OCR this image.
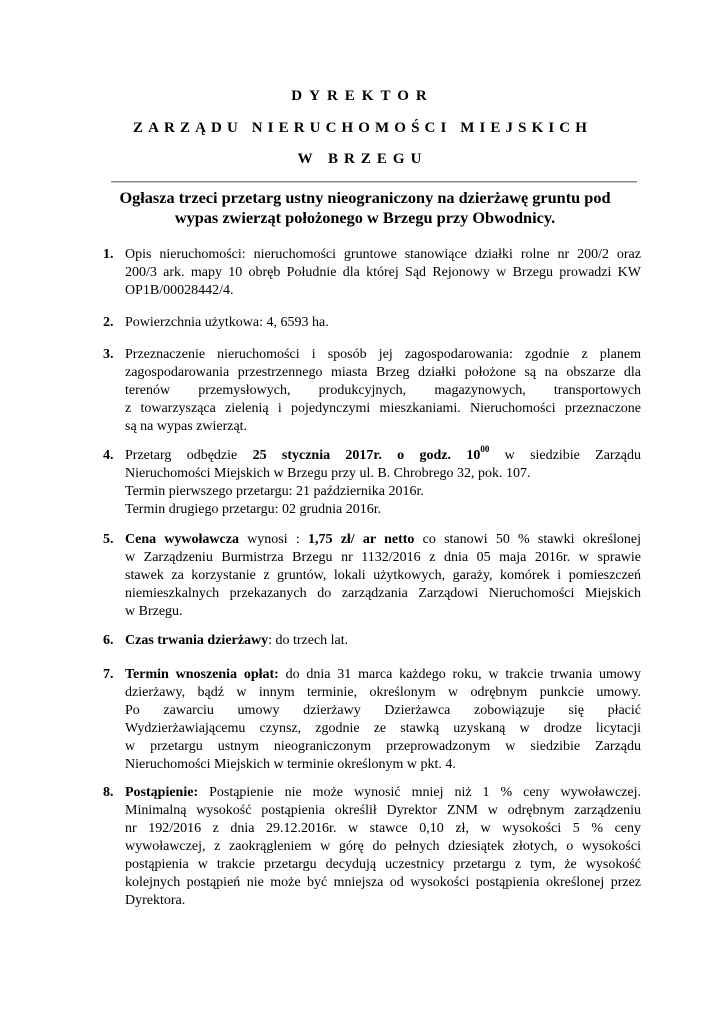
DYREKTOR
ZARZĄDU NIERUCHOMOŚCI MIEJSKICH
W BRZEGU
Ogłasza trzeci przetarg ustny nieograniczony na dzierżawę gruntu pod
wypas zwierząt położonego w Brzegu przy Obwodnicy.
1. Opis nieruchomości: nieruchomości gruntowe stanowiące działki rolne nr 200/2 oraz
200/3 ark. mapy 10 obręb Południe dla której Sąd Rejonowy w Brzegu prowadzi KW
OP1B/00028442/4.
2. Powierzchnia użytkowa: 4, 6593 ha.
3. Przeznaczenie nieruchomości i sposób jej zagospodarowania: zgodnie z planem
zagospodarowania przestrzennego miasta Brzeg działki położone są na obszarze dla
terenów przemysłowych, produkcyjnych, magazynowych, transportowych
z towarzysząca zielenią i pojedynczymi mieszkaniami. Nieruchomości przeznaczone
są na wypas zwierząt.
4. Przetarg odbędzie 25 stycznia 2017r. o godz. $10^{00}$ w siedzibie Zarządu
Nieruchomości Miejskich w Brzegu przy ul. B. Chrobrego 32, pok. 107.
Termin pierwszego przetargu: 21 października 2016r.
Termin drugiego przetargu: 02 grudnia 2016r.
5. Cena wywoławcza wynosi : 1,75 zł/ ar netto co stanowi 50 % stawki określonej
w Zarządzeniu Burmistrza Brzegu nr 1132/2016 z dnia 05 maja 2016r. w sprawie
stawek za korzystanie z gruntów, lokali użytkowych, garaży, komórek i pomieszczeń
niemieszkalnych przekazanych do zarządzania Zarządowi Nieruchomości Miejskich
w Brzegu.
6. Czas trwania dzierżawy: do trzech lat.
7. Termin wnoszenia opłat: do dnia 31 marca każdego roku, w trakcie trwania umowy
dzierżawy, bądź w innym terminie, określonym w odrębnym punkcie umowy.
Po zawarciu umowy dzierżawy Dzierżawca zobowiązuje się płacić
Wydzierżawiającemu czynsz, zgodnie ze stawką uzyskaną w drodze licytacji
w przetargu ustnym nieograniczonym przeprowadzonym w siedzibie Zarządu
Nieruchomości Miejskich w terminie określonym w pkt. 4.
8. Postąpienie: Postąpienie nie może wynosić mniej niż 1 % ceny wywoławczej.
Minimalną wysokość postąpienia określił Dyrektor ZNM w odrębnym zarządzeniu
nr 192/2016 z dnia 29.12.2016r. w stawce 0,10 zł, w wysokości 5 % ceny
wywoławczej, z zaokrągleniem w górę do pełnych dziesiątek złotych, o wysokości
postąpienia w trakcie przetargu decydują uczestnicy przetargu z tym, że wysokość
kolejnych postąpień nie może być mniejsza od wysokości postąpienia określonej przez
Dyrektora.
